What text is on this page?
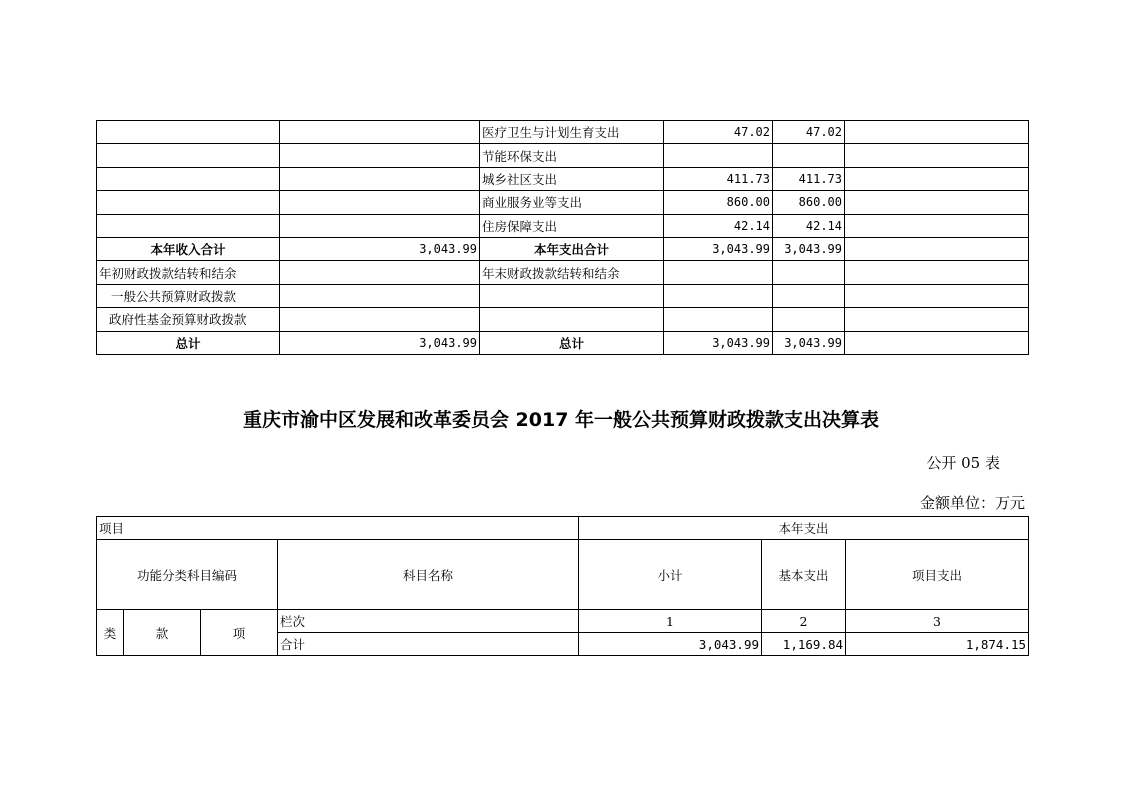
		医疗卫生与计划生育支出	47.02	47.02	
		节能环保支出			
		城乡社区支出	411.73	411.73	
		商业服务业等支出	860.00	860.00	
		住房保障支出	42.14	42.14	
本年收入合计	3,043.99	本年支出合计	3,043.99	3,043.99	
年初财政拨款结转和结余		年末财政拨款结转和结余			
一般公共预算财政拨款					
政府性基金预算财政拨款					
总计	3,043.99	总计	3,043.99	3,043.99	
重庆市渝中区发展和改革委员会 2017 年一般公共预算财政拨款支出决算表
公开 05 表
金额单位：万元
项目				本年支出		
功能分类科目编码			科目名称	小计	基本支出	项目支出
类	款	项	栏次	1	2	3
			合计	3,043.99	1,169.84	1,874.15
